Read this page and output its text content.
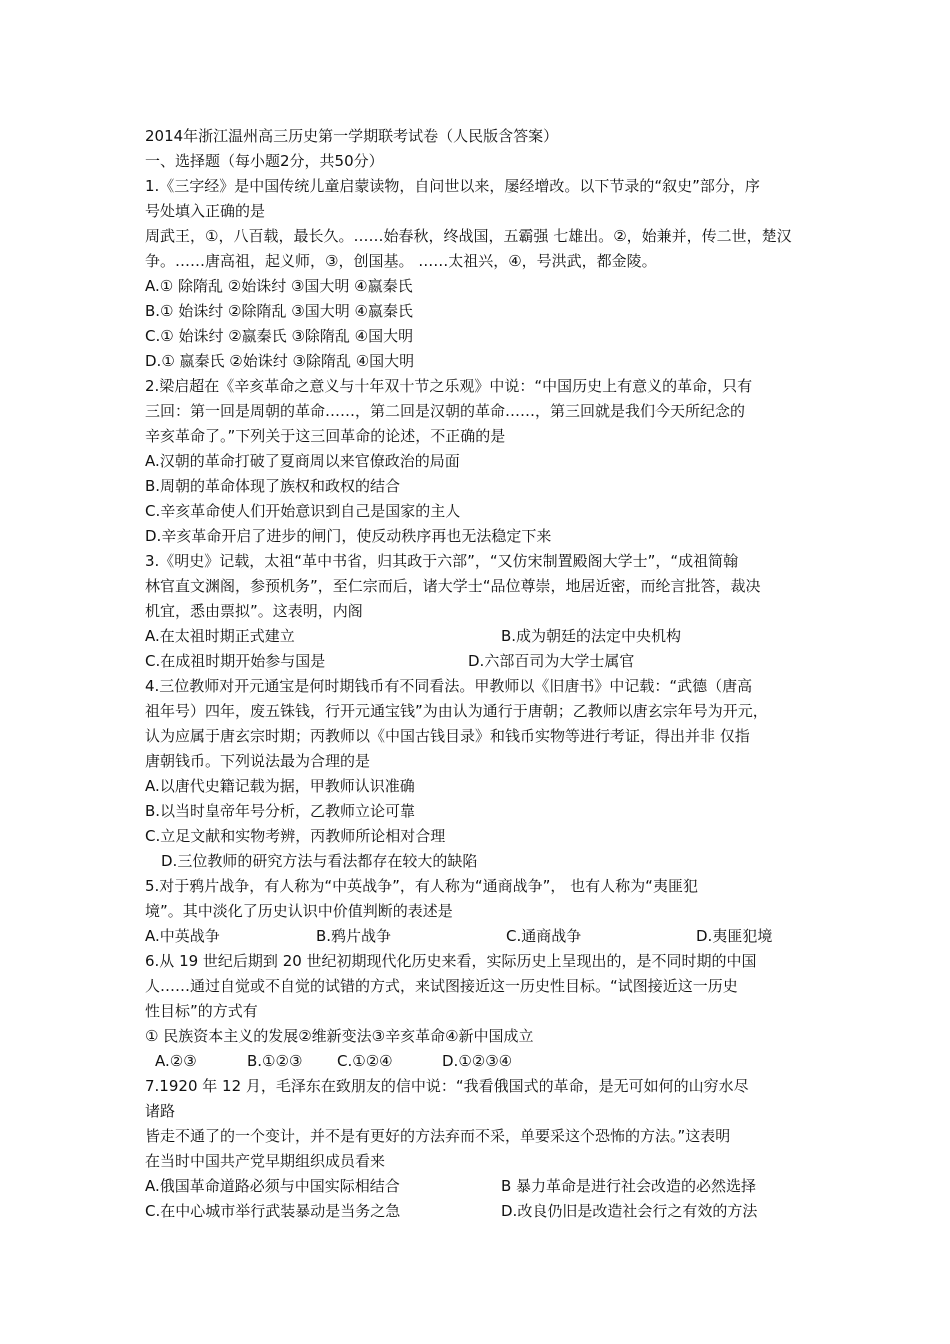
2014年浙江温州高三历史第一学期联考试卷（人民版含答案）
一、选择题（每小题2分，共50分）
1.《三字经》是中国传统儿童启蒙读物，自问世以来，屡经增改。以下节录的“叙史”部分，序
号处填入正确的是
周武王，①，八百载，最长久。……始春秋，终战国，五霸强 七雄出。②，始兼并，传二世，楚汉
争。……唐高祖，起义师，③，创国基。 ……太祖兴，④，号洪武，都金陵。
A.① 除隋乱 ②始诛纣 ③国大明 ④嬴秦氏
B.① 始诛纣 ②除隋乱 ③国大明 ④嬴秦氏
C.① 始诛纣 ②嬴秦氏 ③除隋乱 ④国大明
D.① 嬴秦氏 ②始诛纣 ③除隋乱 ④国大明
2.梁启超在《辛亥革命之意义与十年双十节之乐观》中说：“中国历史上有意义的革命，只有
三回：第一回是周朝的革命……，第二回是汉朝的革命……，第三回就是我们今天所纪念的
辛亥革命了。”下列关于这三回革命的论述，不正确的是
A.汉朝的革命打破了夏商周以来官僚政治的局面
B.周朝的革命体现了族权和政权的结合
C.辛亥革命使人们开始意识到自己是国家的主人
D.辛亥革命开启了进步的闸门，使反动秩序再也无法稳定下来
3.《明史》记载，太祖“革中书省，归其政于六部”，“又仿宋制置殿阁大学士”，“成祖简翰
林官直文渊阁，参预机务”，至仁宗而后，诸大学士“品位尊崇，地居近密，而纶言批答，裁决
机宜，悉由票拟”。这表明，内阁
A.在太祖时期正式建立	B.成为朝廷的法定中央机构
C.在成祖时期开始参与国是	D.六部百司为大学士属官
4.三位教师对开元通宝是何时期钱币有不同看法。甲教师以《旧唐书》中记载：“武德（唐高
祖年号）四年，废五铢钱，行开元通宝钱”为由认为通行于唐朝；乙教师以唐玄宗年号为开元，
认为应属于唐玄宗时期；丙教师以《中国古钱目录》和钱币实物等进行考证，得出并非 仅指
唐朝钱币。下列说法最为合理的是
A.以唐代史籍记载为据，甲教师认识准确
B.以当时皇帝年号分析，乙教师立论可靠
C.立足文献和实物考辨，丙教师所论相对合理
D.三位教师的研究方法与看法都存在较大的缺陷
5.对于鸦片战争，有人称为“中英战争”，有人称为“通商战争”， 也有人称为“夷匪犯
境”。其中淡化了历史认识中价值判断的表述是
A.中英战争	B.鸦片战争	C.通商战争	D.夷匪犯境
6.从 19 世纪后期到 20 世纪初期现代化历史来看，实际历史上呈现出的，是不同时期的中国
人……通过自觉或不自觉的试错的方式，来试图接近这一历史性目标。“试图接近这一历史
性目标”的方式有
① 民族资本主义的发展②维新变法③辛亥革命④新中国成立
A.②③	B.①②③	C.①②④	D.①②③④
7.1920 年 12 月，毛泽东在致朋友的信中说：“我看俄国式的革命，是无可如何的山穷水尽
诸路
皆走不通了的一个变计，并不是有更好的方法弃而不采，单要采这个恐怖的方法。”这表明
在当时中国共产党早期组织成员看来
A.俄国革命道路必须与中国实际相结合	B 暴力革命是进行社会改造的必然选择
C.在中心城市举行武装暴动是当务之急	D.改良仍旧是改造社会行之有效的方法
